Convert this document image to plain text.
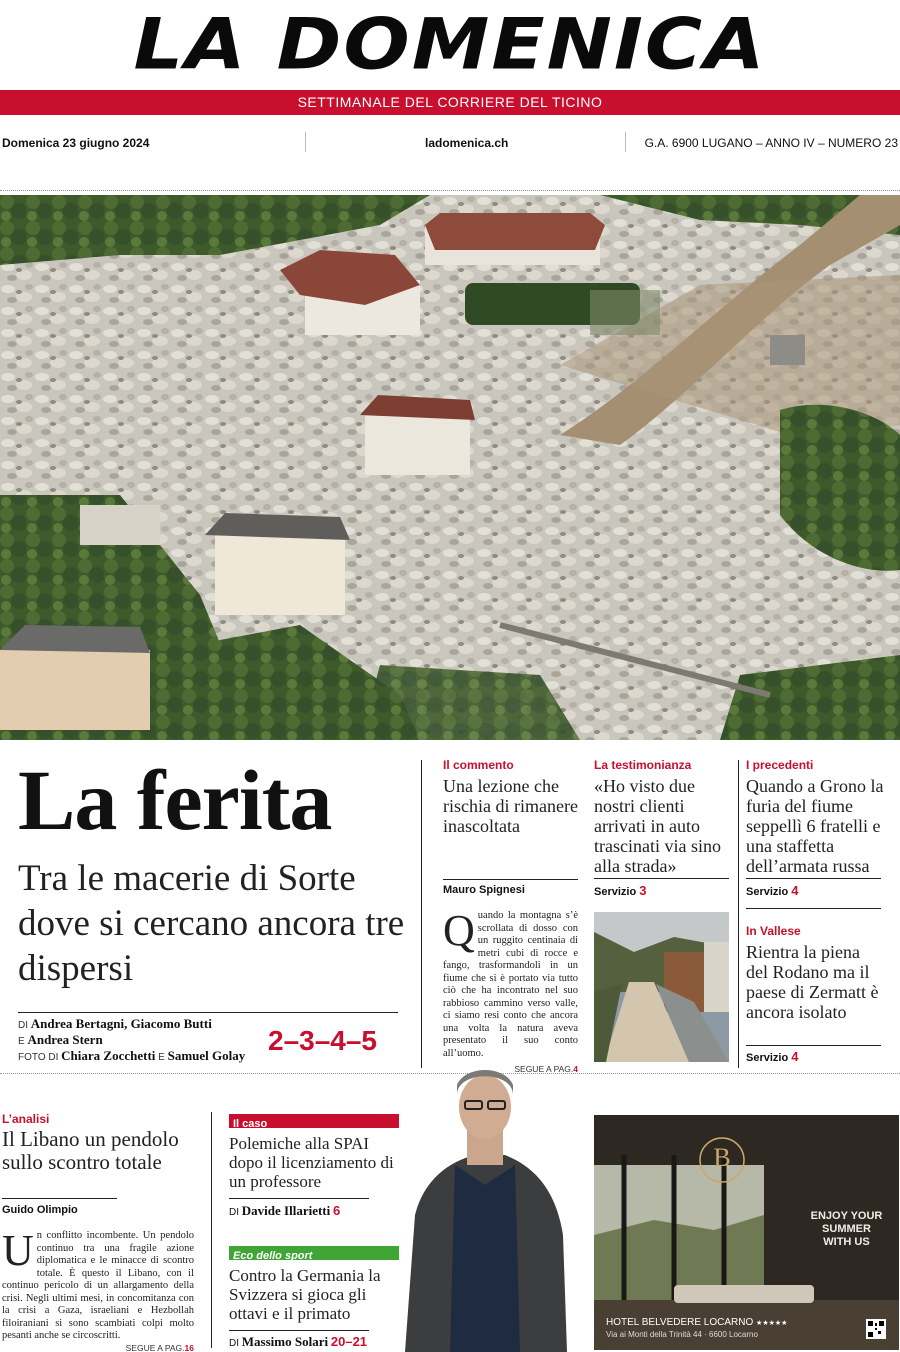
LA DOMENICA
SETTIMANALE DEL CORRIERE DEL TICINO
Domenica 23 giugno 2024	ladomenica.ch	G.A. 6900 LUGANO – ANNO IV – NUMERO 23
La ferita
Tra le macerie di Sorte dove si cercano ancora tre dispersi
DI Andrea Bertagni, Giacomo Butti
E Andrea Stern
FOTO DI Chiara Zocchetti E Samuel Golay 2–3–4–5
Il commento
Una lezione che rischia di rimanere inascoltata
Mauro Spignesi
Quando la montagna s’è scrollata di dosso con un ruggito centinaia di metri cubi di rocce e fango, trasformandoli in un fiume che si è portato via tutto ciò che ha incontrato nel suo rabbioso cammino verso valle, ci siamo resi conto che ancora una volta la natura aveva presentato il suo conto all’uomo.
SEGUE A PAG.4
La testimonianza
«Ho visto due nostri clienti arrivati in auto trascinati via sino alla strada»
Servizio 3
I precedenti
Quando a Grono la furia del fiume seppellì 6 fratelli e una staffetta dell’armata russa
Servizio 4
In Vallese
Rientra la piena del Rodano ma il paese di Zermatt è ancora isolato
Servizio 4
L’analisi
Il Libano un pendolo sullo scontro totale
Guido Olimpio
Un conflitto incombente. Un pendolo continuo tra una fragile azione diplomatica e le minacce di scontro totale. È questo il Libano, con il continuo pericolo di un allargamento della crisi. Negli ultimi mesi, in concomitanza con la crisi a Gaza, israeliani e Hezbollah filoiraniani si sono scambiati colpi molto pesanti anche se circoscritti.
SEGUE A PAG.16
Il caso
Polemiche alla SPAI dopo il licenziamento di un professore
DI Davide Illarietti 6
Eco dello sport
Contro la Germania la Svizzera si gioca gli ottavi e il primato
DI Massimo Solari 20–21
B
ENJOY YOUR
SUMMER
WITH US
HOTEL BELVEDERE LOCARNO ★★★★★
Via ai Monti della Trinità 44 · 6600 Locarno
